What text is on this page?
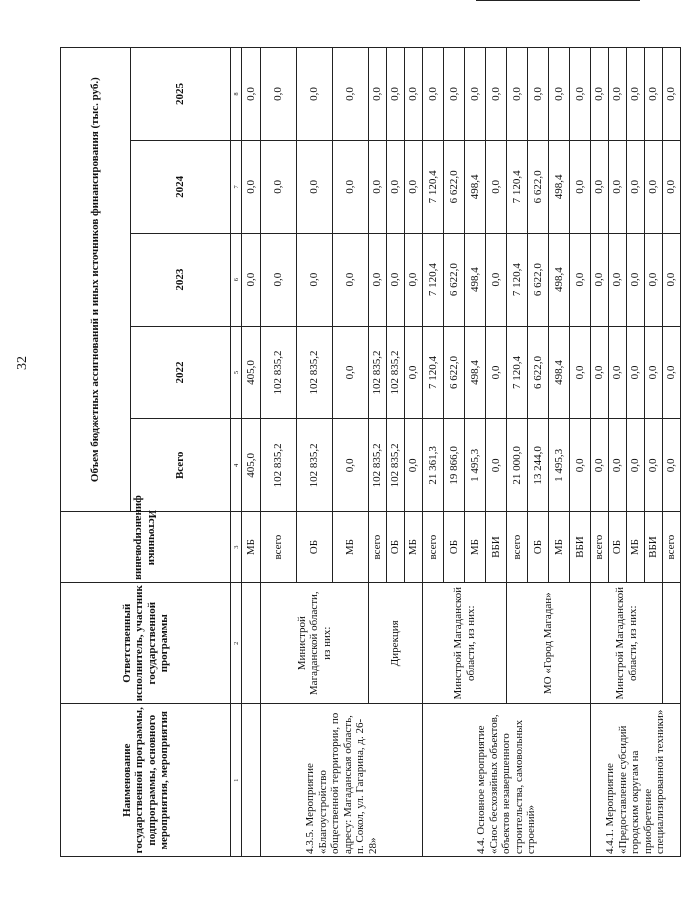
32
Наименование государственной программы, подпрограммы, основного мероприятия, мероприятия	Ответственный исполнитель, участник государственной программы	Источники финансирования	Объем бюджетных ассигнований и иных источников финансирования (тыс. руб.)				
			Всего	2022	2023	2024	2025
1	2	3	4	5	6	7	8
		МБ	405,0	405,0	0,0	0,0	0,0
4.3.5. Мероприятие «Благоустройство общественной территории, по адресу: Магаданская область, п. Сокол, ул. Гагарина, д. 26-28»	Министрой Магаданской области, из них:	всего	102 835,2	102 835,2	0,0	0,0	0,0
		ОБ	102 835,2	102 835,2	0,0	0,0	0,0
		МБ	0,0	0,0	0,0	0,0	0,0
	Дирекция	всего	102 835,2	102 835,2	0,0	0,0	0,0
		ОБ	102 835,2	102 835,2	0,0	0,0	0,0
		МБ	0,0	0,0	0,0	0,0	0,0
4.4. Основное мероприятие «Снос бесхозяйных объектов, объектов незавершенного строительства, самовольных строений»	Минстрой Магаданской области, из них:	всего	21 361,3	7 120,4	7 120,4	7 120,4	0,0
		ОБ	19 866,0	6 622,0	6 622,0	6 622,0	0,0
		МБ	1 495,3	498,4	498,4	498,4	0,0
		ВБИ	0,0	0,0	0,0	0,0	0,0
	МО «Город Магадан»	всего	21 000,0	7 120,4	7 120,4	7 120,4	0,0
		ОБ	13 244,0	6 622,0	6 622,0	6 622,0	0,0
		МБ	1 495,3	498,4	498,4	498,4	0,0
		ВБИ	0,0	0,0	0,0	0,0	0,0
4.4.1. Мероприятие «Предоставление субсидий городским округам на приобретение специализированной техники»	Минстрой Магаданской области, из них:	всего	0,0	0,0	0,0	0,0	0,0
		ОБ	0,0	0,0	0,0	0,0	0,0
		МБ	0,0	0,0	0,0	0,0	0,0
		ВБИ	0,0	0,0	0,0	0,0	0,0
		всего	0,0	0,0	0,0	0,0	0,0
